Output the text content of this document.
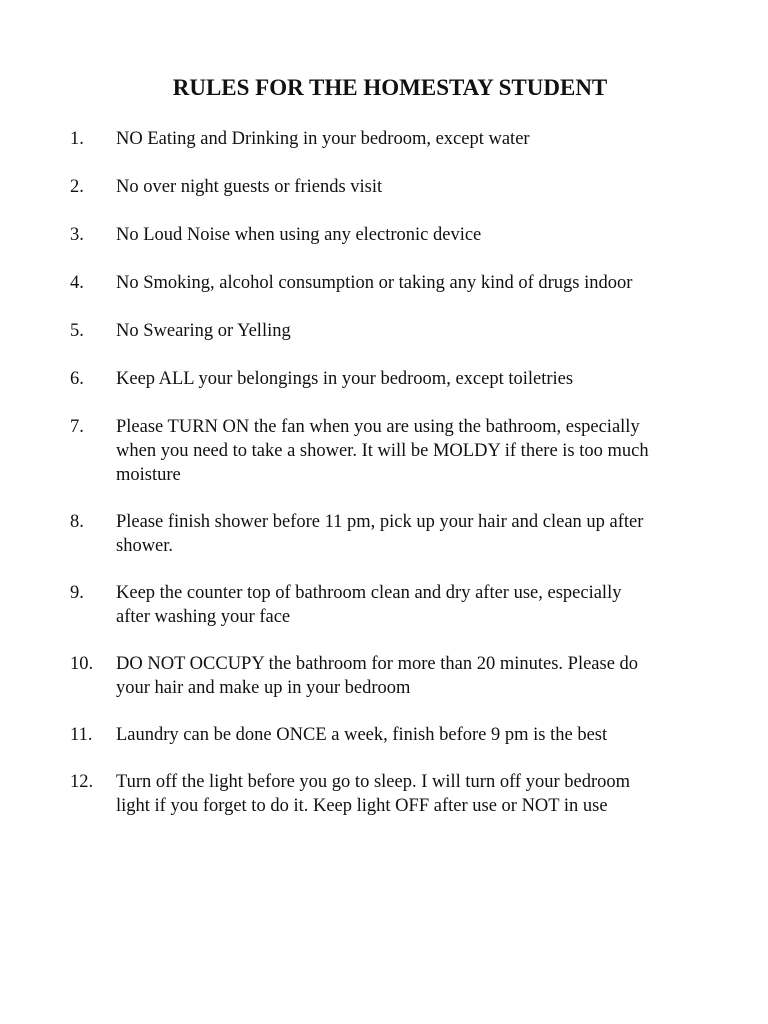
RULES FOR THE HOMESTAY STUDENT
1.	NO Eating and Drinking in your bedroom, except water
2.	No over night guests or friends visit
3.	No Loud Noise when using any electronic device
4.	No Smoking, alcohol consumption or taking any kind of drugs indoor
5.	No Swearing or Yelling
6.	Keep ALL your belongings in your bedroom, except toiletries
7.	Please TURN ON the fan when you are using the bathroom, especially
when you need to take a shower. It will be MOLDY if there is too much
moisture
8.	Please finish shower before 11 pm, pick up your hair and clean up after
shower.
9.	Keep the counter top of bathroom clean and dry after use, especially
after washing your face
10.	DO NOT OCCUPY the bathroom for more than 20 minutes. Please do
your hair and make up in your bedroom
11.	Laundry can be done ONCE a week, finish before 9 pm is the best
12.	Turn off the light before you go to sleep. I will turn off your bedroom
light if you forget to do it. Keep light OFF after use or NOT in use
